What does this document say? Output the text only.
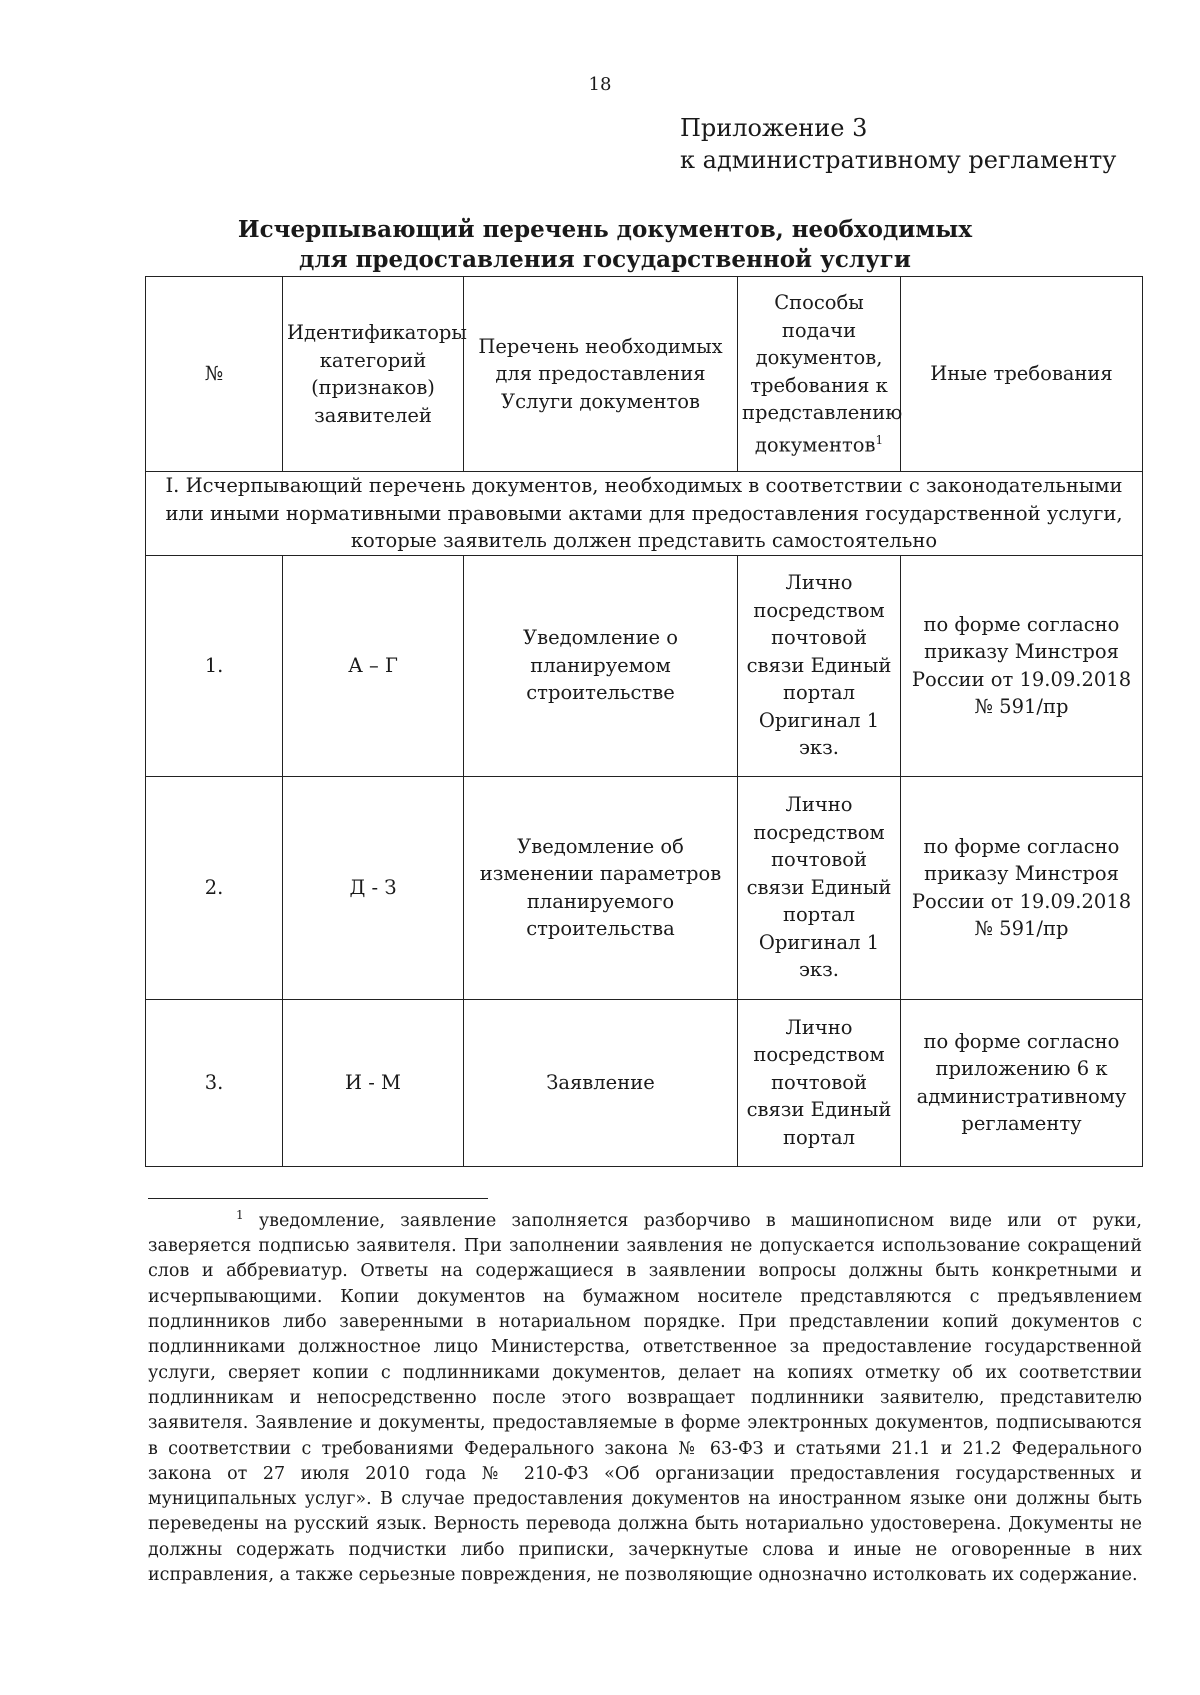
18
Приложение 3
к административному регламенту
Исчерпывающий перечень документов, необходимых
для предоставления государственной услуги
№	Идентификаторы категорий (признаков) заявителей	Перечень необходимых для предоставления Услуги документов	Способы подачи документов, требования к представлению документов$^1$	Иные требования
I. Исчерпывающий перечень документов, необходимых в соответствии с законодательными или иными нормативными правовыми актами для предоставления государственной услуги, которые заявитель должен представить самостоятельно				
1.	А – Г	Уведомление о планируемом строительстве	Лично посредством почтовой связи Единый портал Оригинал 1 экз.	по форме согласно приказу Минстроя России от 19.09.2018 № 591/пр
2.	Д - З	Уведомление об изменении параметров планируемого строительства	Лично посредством почтовой связи Единый портал Оригинал 1 экз.	по форме согласно приказу Минстроя России от 19.09.2018 № 591/пр
3.	И - М	Заявление	Лично посредством почтовой связи Единый портал	по форме согласно приложению 6 к административному регламенту
$^1$ уведомление, заявление заполняется разборчиво в машинописном виде или от руки, заверяется подписью заявителя. При заполнении заявления не допускается использование сокращений слов и аббревиатур. Ответы на содержащиеся в заявлении вопросы должны быть конкретными и исчерпывающими. Копии документов на бумажном носителе представляются с предъявлением подлинников либо заверенными в нотариальном порядке. При представлении копий документов с подлинниками должностное лицо Министерства, ответственное за предоставление государственной услуги, сверяет копии с подлинниками документов, делает на копиях отметку об их соответствии подлинникам и непосредственно после этого возвращает подлинники заявителю, представителю заявителя. Заявление и документы, предоставляемые в форме электронных документов, подписываются в соответствии с требованиями Федерального закона № 63-ФЗ и статьями 21.1 и 21.2 Федерального закона от 27 июля 2010 года № 210-ФЗ «Об организации предоставления государственных и муниципальных услуг». В случае предоставления документов на иностранном языке они должны быть переведены на русский язык. Верность перевода должна быть нотариально удостоверена. Документы не должны содержать подчистки либо приписки, зачеркнутые слова и иные не оговоренные в них исправления, а также серьезные повреждения, не позволяющие однозначно истолковать их содержание.
